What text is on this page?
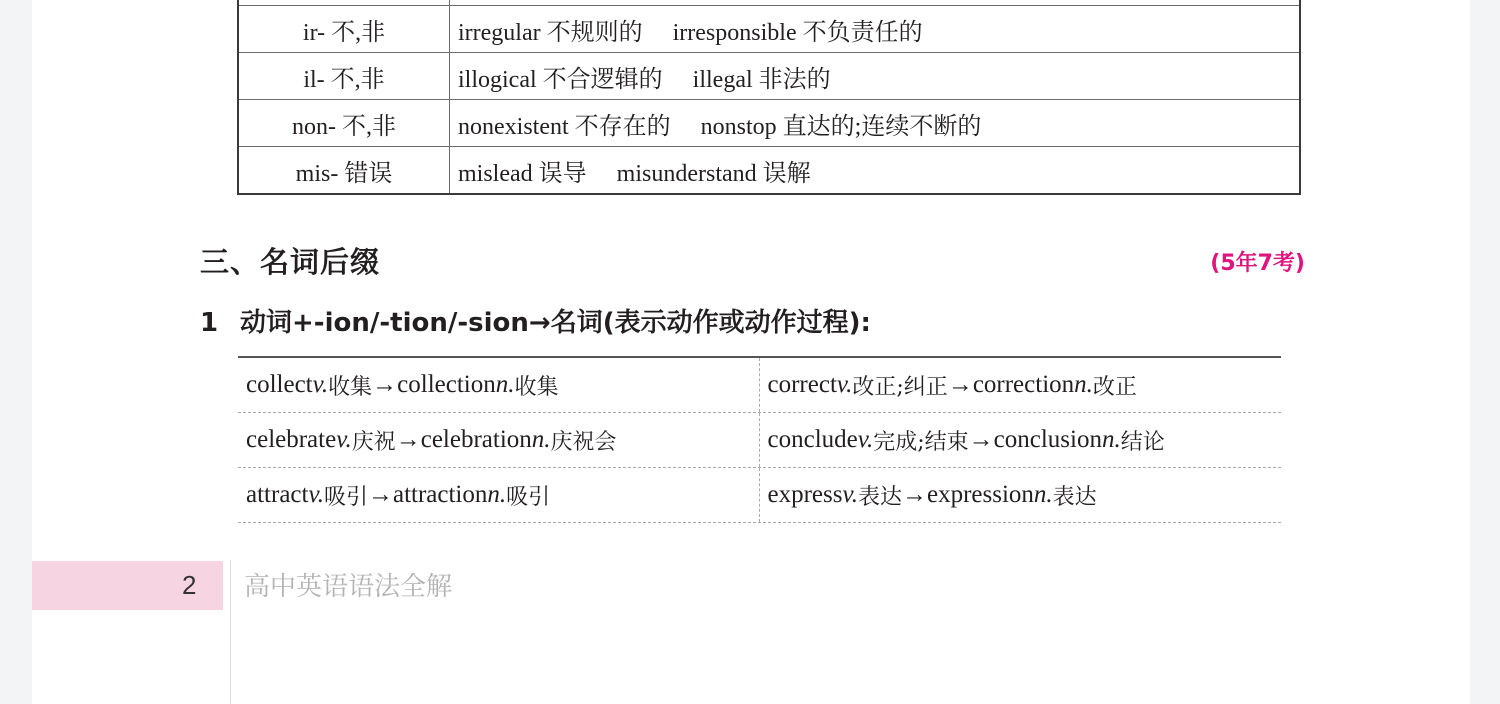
ir- 不,非	irregular 不规则的 irresponsible 不负责任的
il- 不,非	illogical 不合逻辑的 illegal 非法的
non- 不,非	nonexistent 不存在的 nonstop 直达的;连续不断的
mis- 错误	mislead 误导 misunderstand 误解
三、名词后缀	(5年7考)
1 动词+-ion/-tion/-sion→名词(表示动作或动作过程):
collect v. 收集 → collection n. 收集	correct v. 改正;纠正 → correction n. 改正
celebrate v. 庆祝 → celebration n. 庆祝会	conclude v. 完成;结束 → conclusion n. 结论
attract v. 吸引 → attraction n. 吸引	express v. 表达 → expression n. 表达
2 高中英语语法全解
